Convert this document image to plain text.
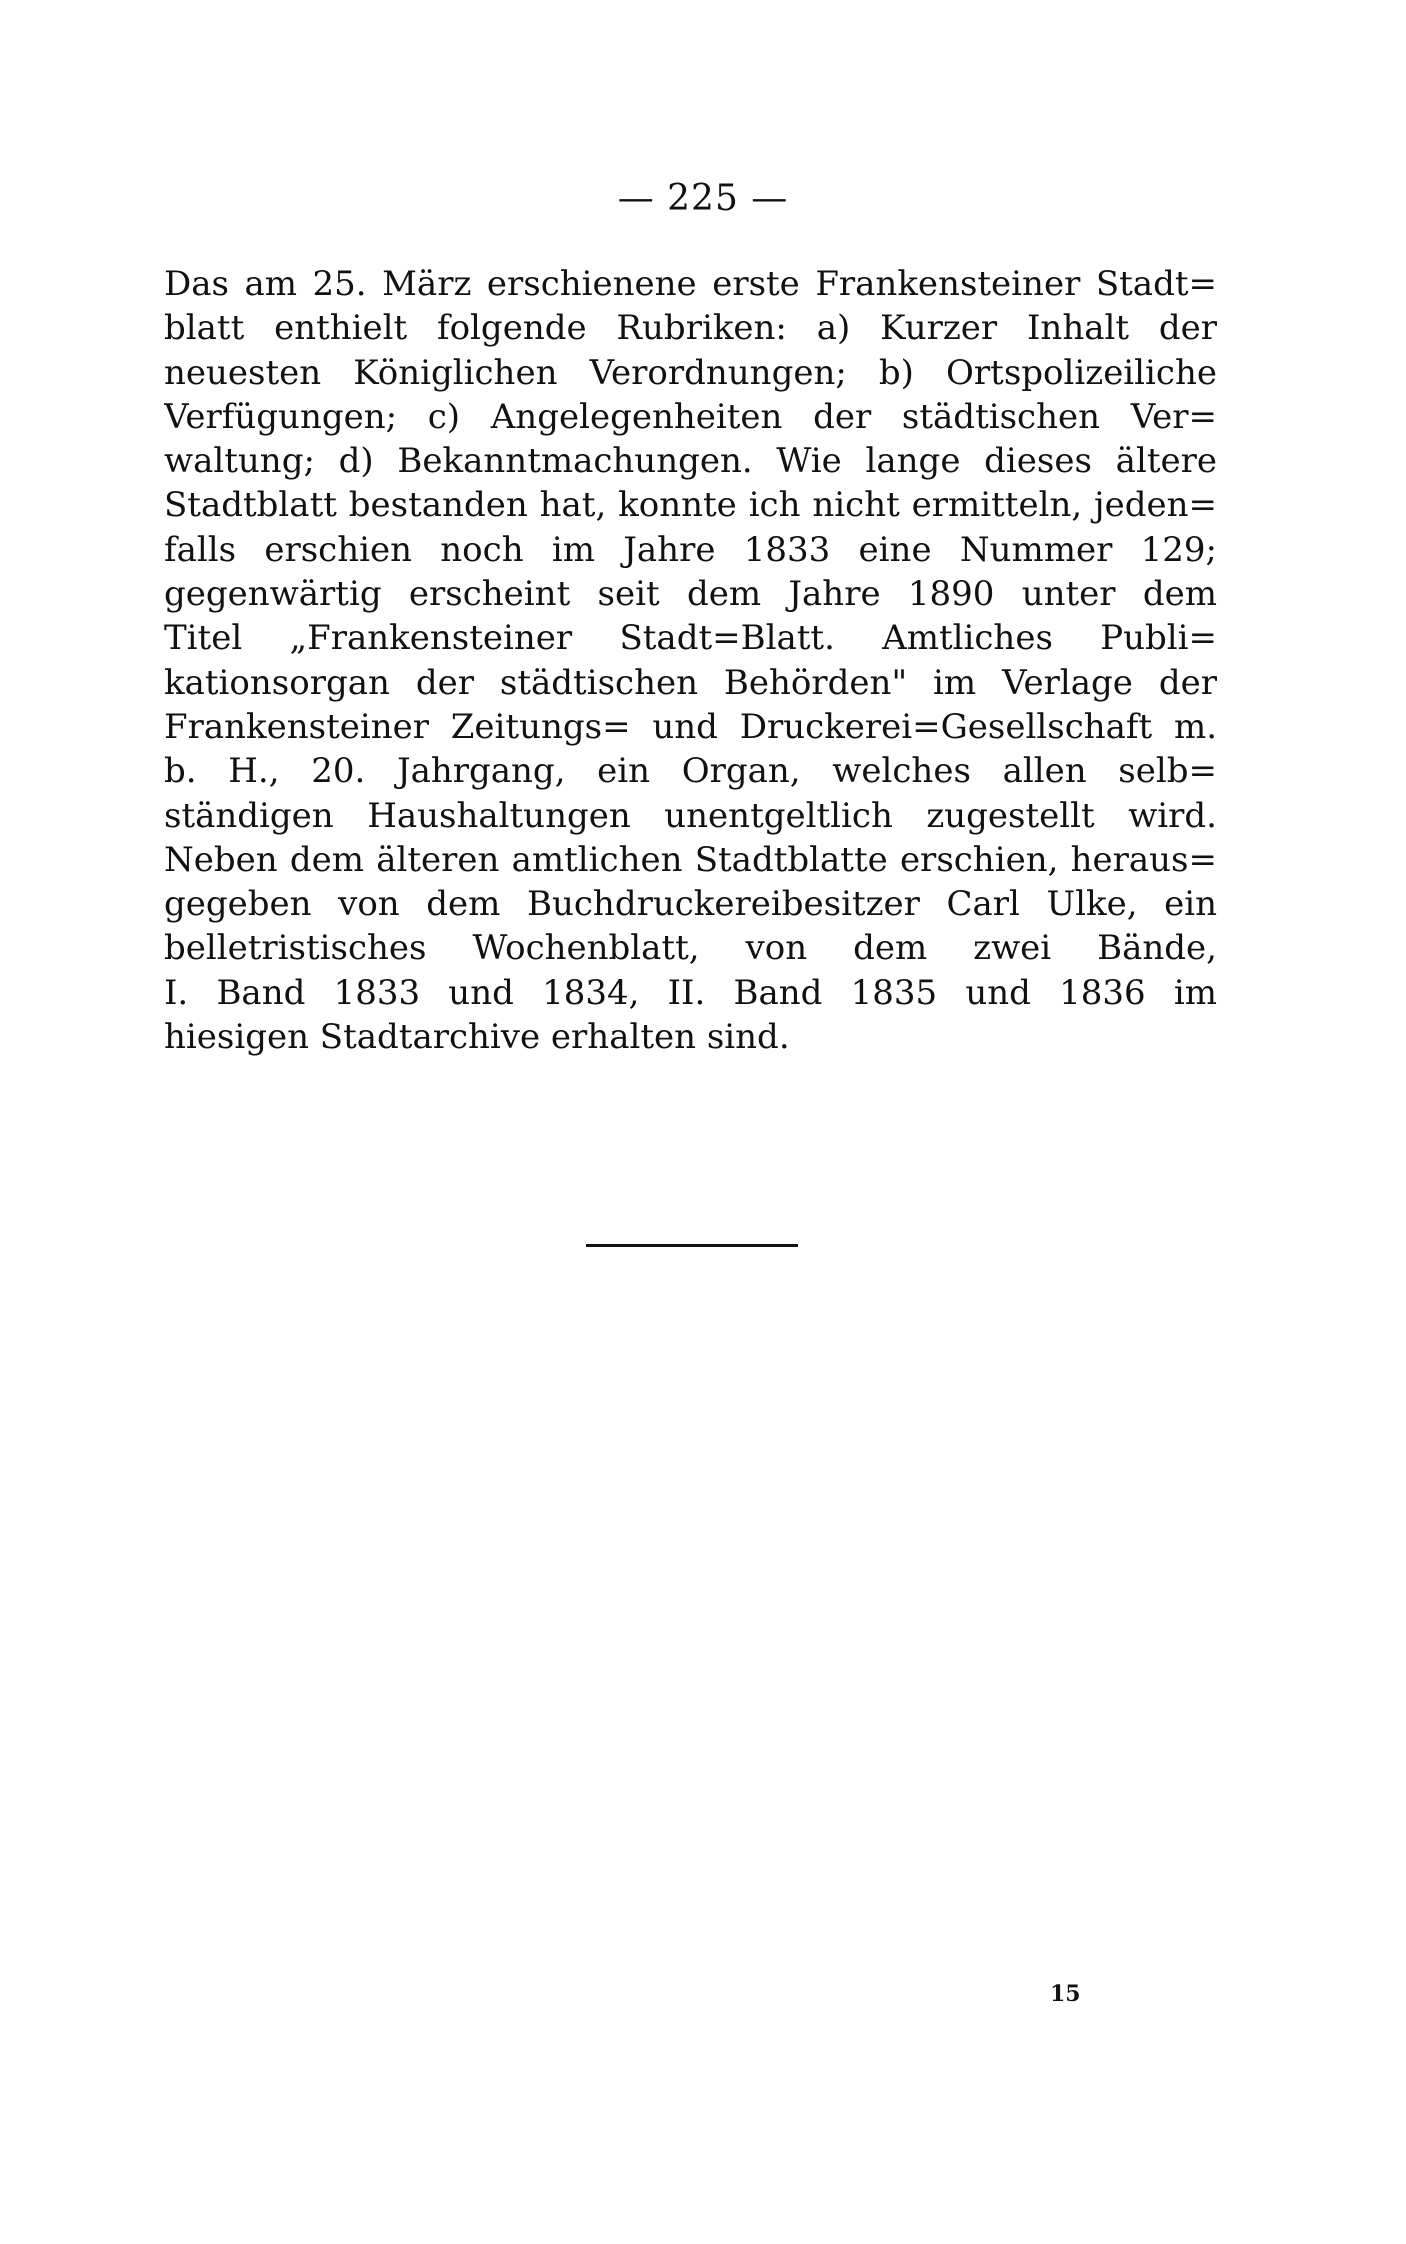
— 225 —
Das am 25. März erschienene erste Frankensteiner Stadt=
blatt enthielt folgende Rubriken: a) Kurzer Inhalt der
neuesten Königlichen Verordnungen; b) Ortspolizeiliche
Verfügungen; c) Angelegenheiten der städtischen Ver=
waltung; d) Bekanntmachungen. Wie lange dieses ältere
Stadtblatt bestanden hat, konnte ich nicht ermitteln, jeden=
falls erschien noch im Jahre 1833 eine Nummer 129;
gegenwärtig erscheint seit dem Jahre 1890 unter dem
Titel „Frankensteiner Stadt=Blatt. Amtliches Publi=
kationsorgan der städtischen Behörden" im Verlage der
Frankensteiner Zeitungs= und Druckerei=Gesellschaft m.
b. H., 20. Jahrgang, ein Organ, welches allen selb=
ständigen Haushaltungen unentgeltlich zugestellt wird.
Neben dem älteren amtlichen Stadtblatte erschien, heraus=
gegeben von dem Buchdruckereibesitzer Carl Ulke, ein
belletristisches Wochenblatt, von dem zwei Bände,
I. Band 1833 und 1834, II. Band 1835 und 1836 im
hiesigen Stadtarchive erhalten sind.
15
